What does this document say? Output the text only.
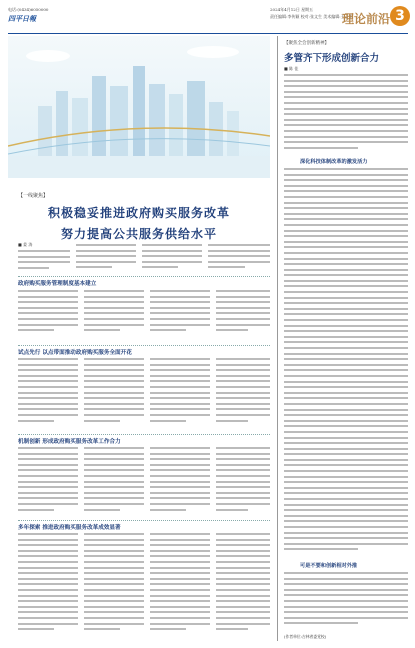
电话:(0434)6050000
四平日報
2024年4月12日 星期五
责任编辑:李传颖 校对:张文生 美术编辑:王玉娟
理论前沿 3
【一线聚焦】
积极稳妥推进政府购买服务改革
努力提高公共服务供给水平
■ 姜 涛
政府购买服务管理制度基本建立
试点先行 以点带面推动政府购买服务全面开花
机制创新 形成政府购买服务改革工作合力
多年探索 推进政府购买服务改革成效显著
【聚焦全会创新精神】
多管齐下形成创新合力
■ 陈 佳
深化科技体制改革的激发活力
可是不要和创新相对外推
(作者单位:吉林省委党校)
